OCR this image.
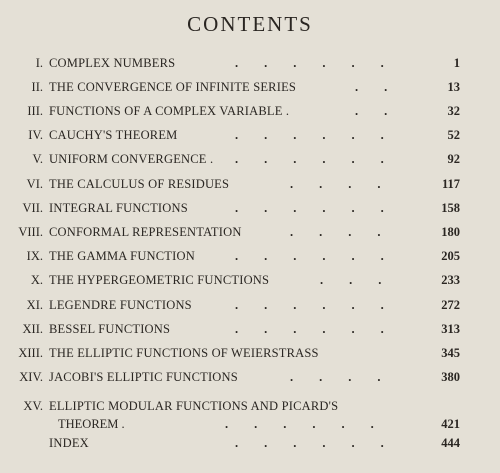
CONTENTS
I. COMPLEX NUMBERS	......	1
II. THE CONVERGENCE OF INFINITE SERIES	..	13
III. FUNCTIONS OF A COMPLEX VARIABLE .	..	32
IV. CAUCHY'S THEOREM	......	52
V. UNIFORM CONVERGENCE . ......	92
VI. THE CALCULUS OF RESIDUES	....	117
VII. INTEGRAL FUNCTIONS	......	158
VIII. CONFORMAL REPRESENTATION	....	180
IX. THE GAMMA FUNCTION	......	205
X. THE HYPERGEOMETRIC FUNCTIONS	...	233
XI. LEGENDRE FUNCTIONS	......	272
XII. BESSEL FUNCTIONS	......	313
XIII. THE ELLIPTIC FUNCTIONS OF WEIERSTRASS	345
XIV. JACOBI'S ELLIPTIC FUNCTIONS	....	380
XV. ELLIPTIC MODULAR FUNCTIONS AND PICARD'S
THEOREM .	......	421
INDEX	......	444
